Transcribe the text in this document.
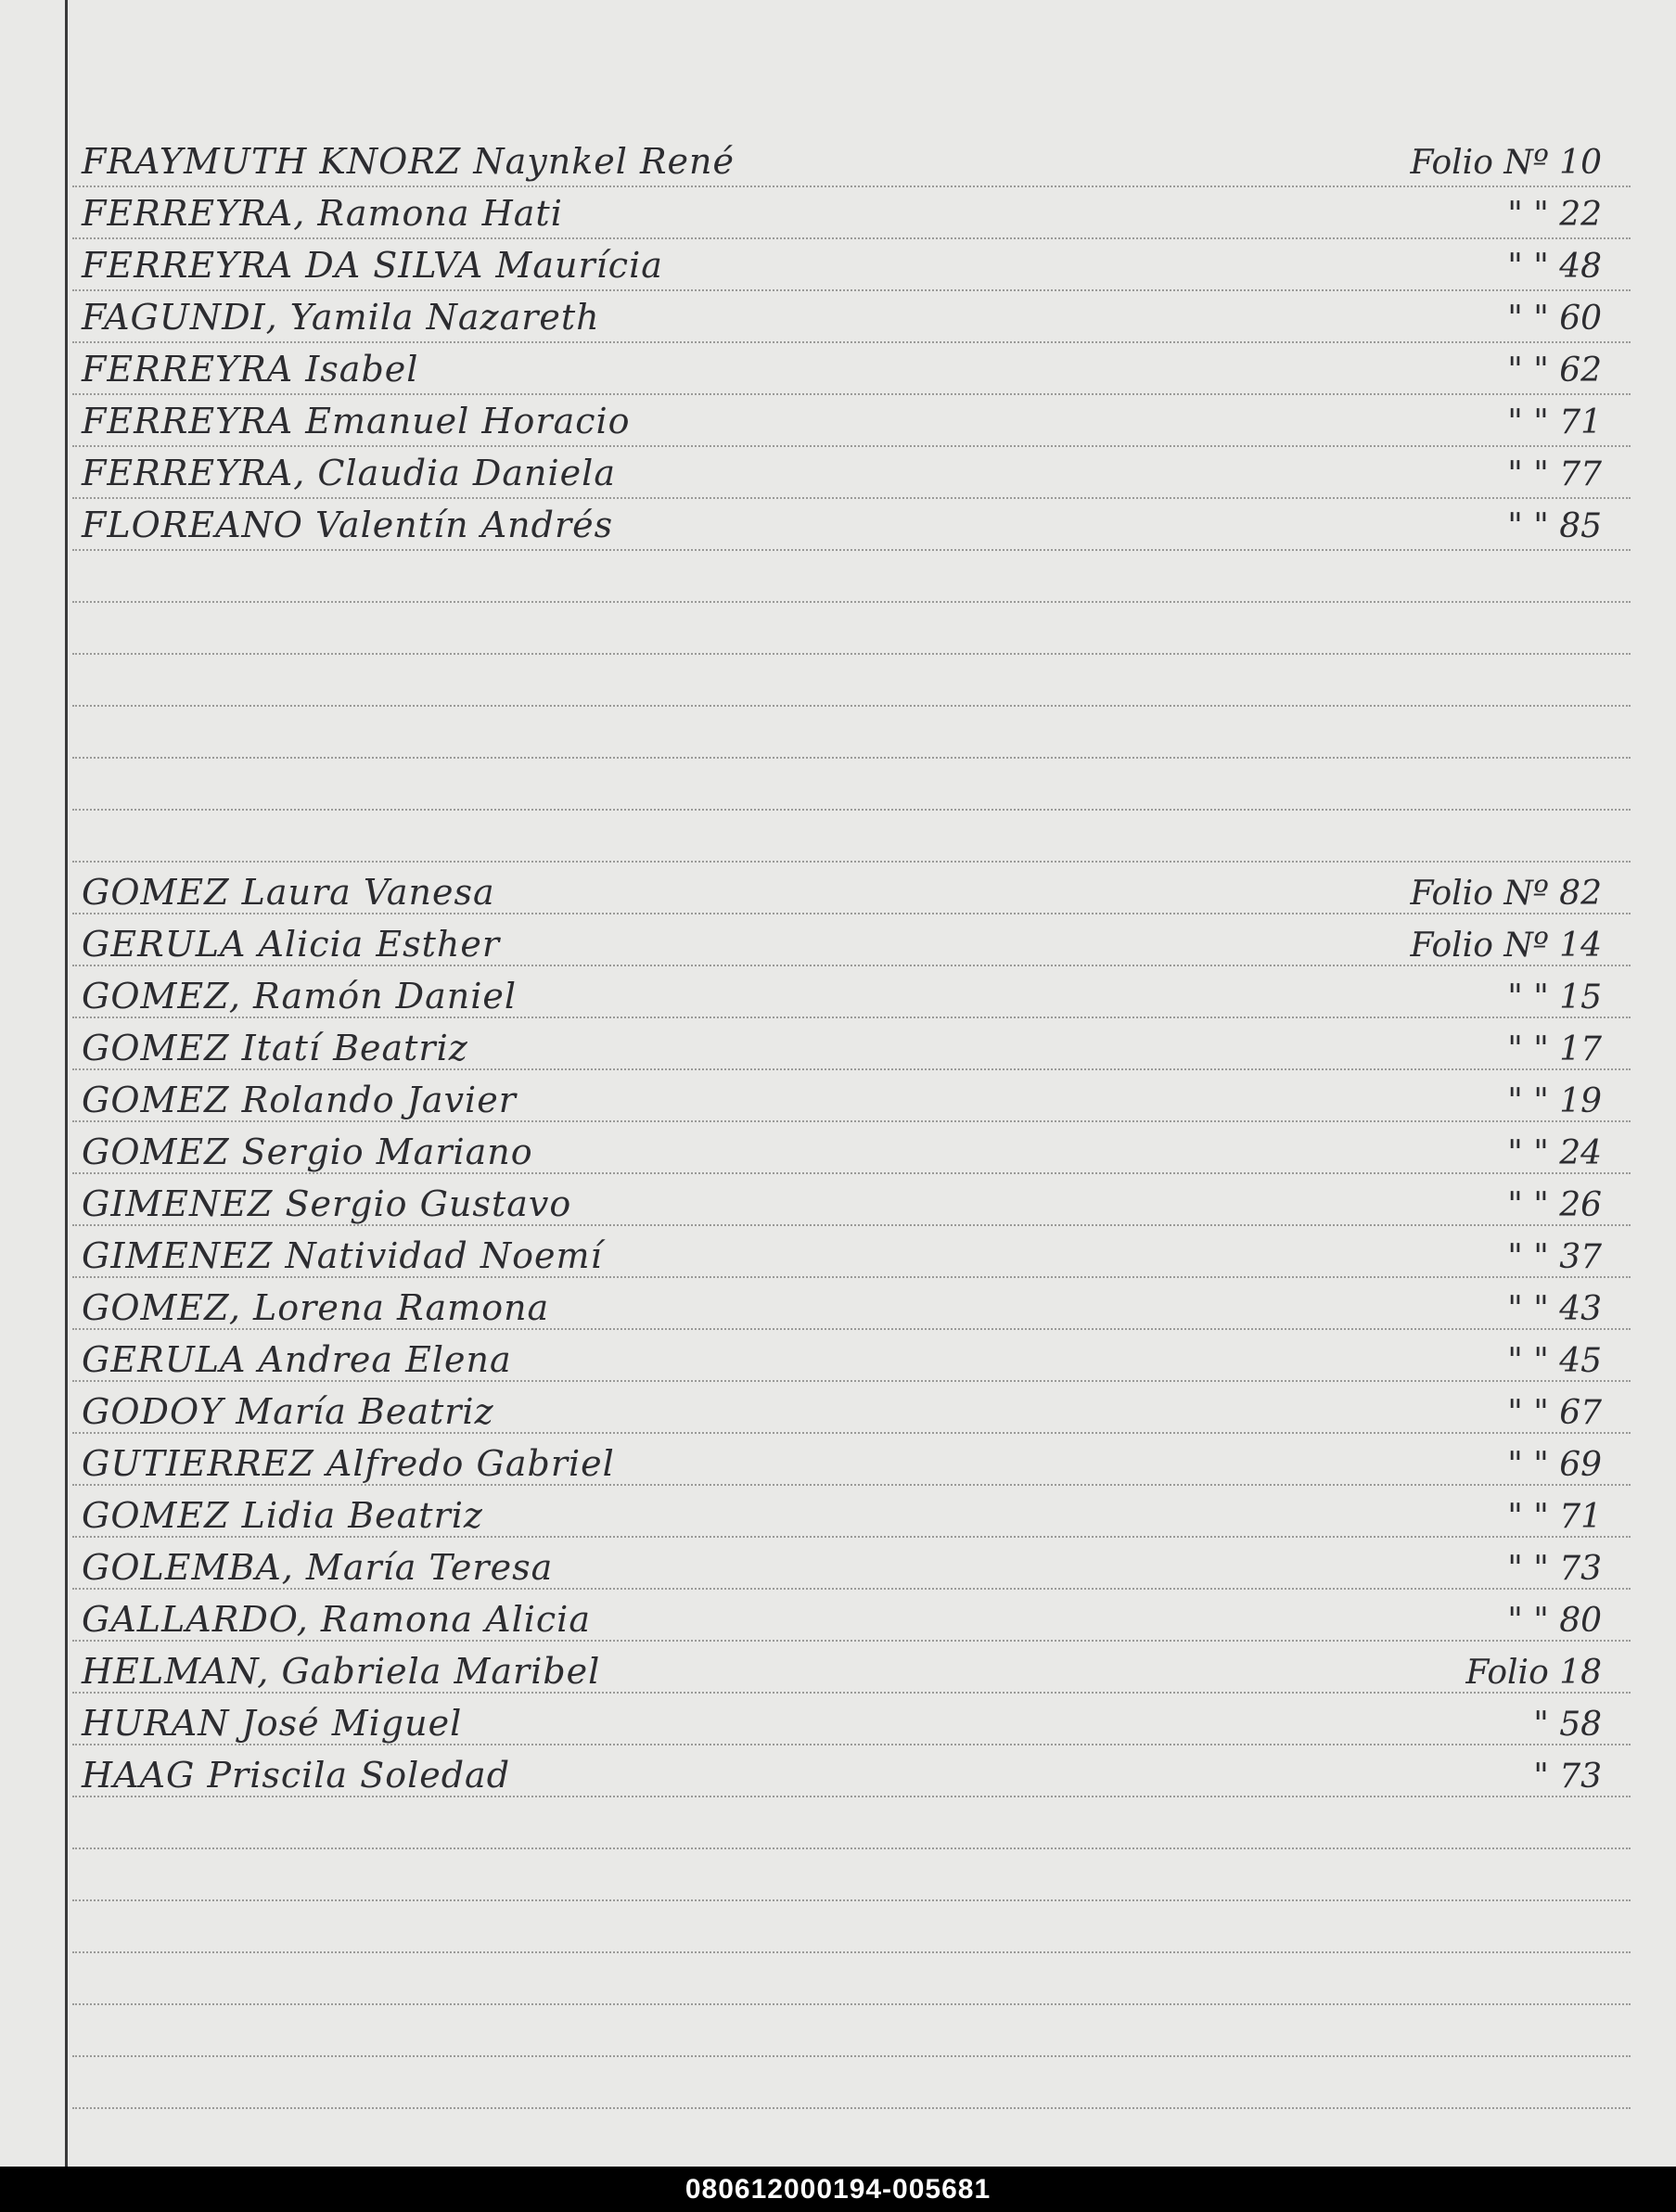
FRAYMUTH KNORZ Naynkel René	Folio Nº 10
FERREYRA, Ramona Hati	" " 22
FERREYRA DA SILVA Maurícia	" " 48
FAGUNDI, Yamila Nazareth	" " 60
FERREYRA Isabel	" " 62
FERREYRA Emanuel Horacio	" " 71
FERREYRA, Claudia Daniela	" " 77
FLOREANO Valentín Andrés	" " 85
GOMEZ Laura Vanesa	Folio Nº 82
GERULA Alicia Esther	Folio Nº 14
GOMEZ, Ramón Daniel	" " 15
GOMEZ Itatí Beatriz	" " 17
GOMEZ Rolando Javier	" " 19
GOMEZ Sergio Mariano	" " 24
GIMENEZ Sergio Gustavo	" " 26
GIMENEZ Natividad Noemí	" " 37
GOMEZ, Lorena Ramona	" " 43
GERULA Andrea Elena	" " 45
GODOY María Beatriz	" " 67
GUTIERREZ Alfredo Gabriel	" " 69
GOMEZ Lidia Beatriz	" " 71
GOLEMBA, María Teresa	" " 73
GALLARDO, Ramona Alicia	" " 80
HELMAN, Gabriela Maribel	Folio 18
HURAN José Miguel	" 58
HAAG Priscila Soledad	" 73
080612000194-005681
